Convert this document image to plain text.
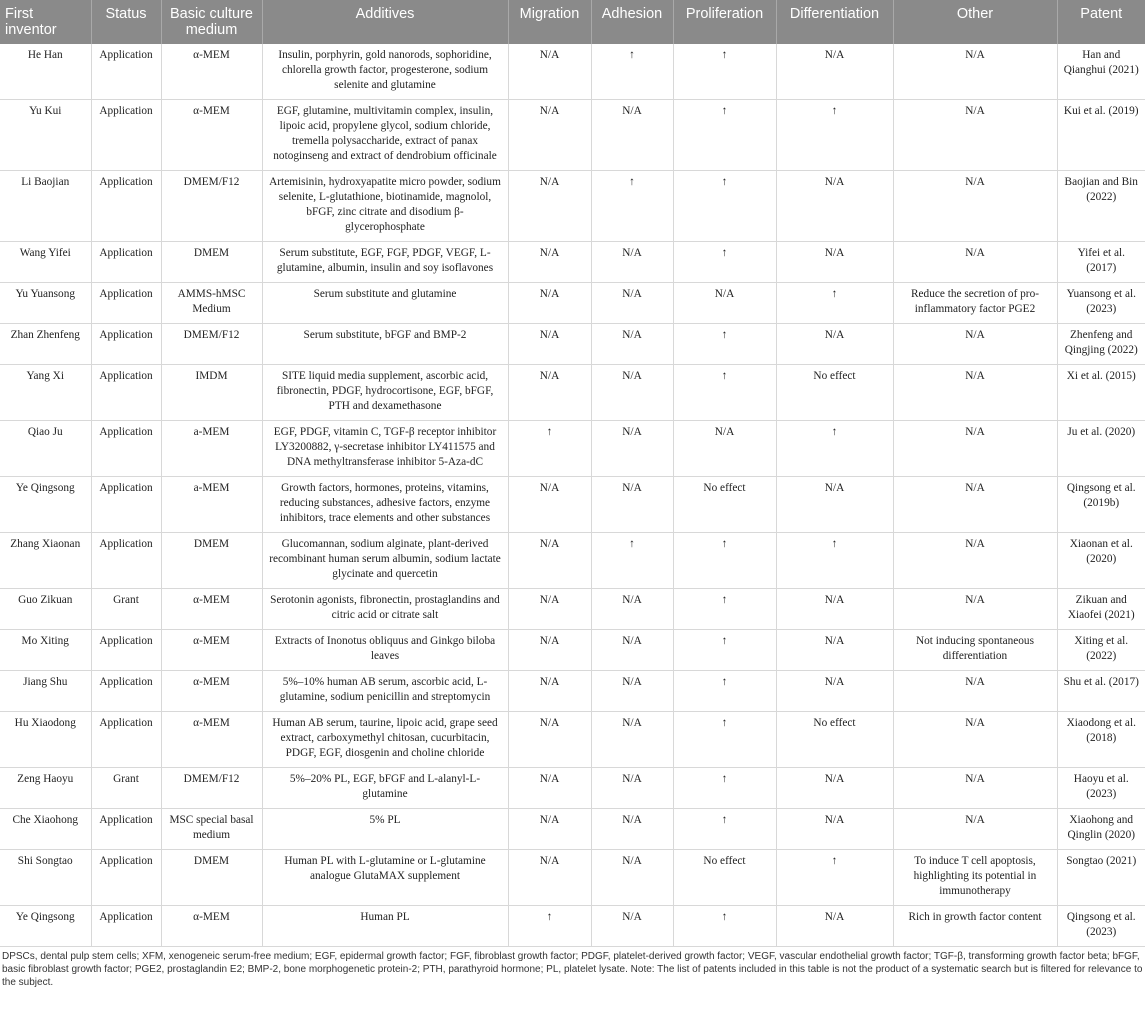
First inventor	Status	Basic culture medium	Additives	Migration	Adhesion	Proliferation	Differentiation	Other	Patent
He Han	Application	α-MEM	Insulin, porphyrin, gold nanorods, sophoridine, chlorella growth factor, progesterone, sodium selenite and glutamine	N/A	↑	↑	N/A	N/A	Han and Qianghui (2021)
Yu Kui	Application	α-MEM	EGF, glutamine, multivitamin complex, insulin, lipoic acid, propylene glycol, sodium chloride, tremella polysaccharide, extract of panax notoginseng and extract of dendrobium officinale	N/A	N/A	↑	↑	N/A	Kui et al. (2019)
Li Baojian	Application	DMEM/F12	Artemisinin, hydroxyapatite micro powder, sodium selenite, L-glutathione, biotinamide, magnolol, bFGF, zinc citrate and disodium β-glycerophosphate	N/A	↑	↑	N/A	N/A	Baojian and Bin (2022)
Wang Yifei	Application	DMEM	Serum substitute, EGF, FGF, PDGF, VEGF, L-glutamine, albumin, insulin and soy isoflavones	N/A	N/A	↑	N/A	N/A	Yifei et al. (2017)
Yu Yuansong	Application	AMMS-hMSC Medium	Serum substitute and glutamine	N/A	N/A	N/A	↑	Reduce the secretion of pro-inflammatory factor PGE2	Yuansong et al. (2023)
Zhan Zhenfeng	Application	DMEM/F12	Serum substitute, bFGF and BMP-2	N/A	N/A	↑	N/A	N/A	Zhenfeng and Qingjing (2022)
Yang Xi	Application	IMDM	SITE liquid media supplement, ascorbic acid, fibronectin, PDGF, hydrocortisone, EGF, bFGF, PTH and dexamethasone	N/A	N/A	↑	No effect	N/A	Xi et al. (2015)
Qiao Ju	Application	a-MEM	EGF, PDGF, vitamin C, TGF-β receptor inhibitor LY3200882, γ-secretase inhibitor LY411575 and DNA methyltransferase inhibitor 5-Aza-dC	↑	N/A	N/A	↑	N/A	Ju et al. (2020)
Ye Qingsong	Application	a-MEM	Growth factors, hormones, proteins, vitamins, reducing substances, adhesive factors, enzyme inhibitors, trace elements and other substances	N/A	N/A	No effect	N/A	N/A	Qingsong et al. (2019b)
Zhang Xiaonan	Application	DMEM	Glucomannan, sodium alginate, plant-derived recombinant human serum albumin, sodium lactate glycinate and quercetin	N/A	↑	↑	↑	N/A	Xiaonan et al. (2020)
Guo Zikuan	Grant	α-MEM	Serotonin agonists, fibronectin, prostaglandins and citric acid or citrate salt	N/A	N/A	↑	N/A	N/A	Zikuan and Xiaofei (2021)
Mo Xiting	Application	α-MEM	Extracts of Inonotus obliquus and Ginkgo biloba leaves	N/A	N/A	↑	N/A	Not inducing spontaneous differentiation	Xiting et al. (2022)
Jiang Shu	Application	α-MEM	5%–10% human AB serum, ascorbic acid, L-glutamine, sodium penicillin and streptomycin	N/A	N/A	↑	N/A	N/A	Shu et al. (2017)
Hu Xiaodong	Application	α-MEM	Human AB serum, taurine, lipoic acid, grape seed extract, carboxymethyl chitosan, cucurbitacin, PDGF, EGF, diosgenin and choline chloride	N/A	N/A	↑	No effect	N/A	Xiaodong et al. (2018)
Zeng Haoyu	Grant	DMEM/F12	5%–20% PL, EGF, bFGF and L-alanyl-L-glutamine	N/A	N/A	↑	N/A	N/A	Haoyu et al. (2023)
Che Xiaohong	Application	MSC special basal medium	5% PL	N/A	N/A	↑	N/A	N/A	Xiaohong and Qinglin (2020)
Shi Songtao	Application	DMEM	Human PL with L-glutamine or L-glutamine analogue GlutaMAX supplement	N/A	N/A	No effect	↑	To induce T cell apoptosis, highlighting its potential in immunotherapy	Songtao (2021)
Ye Qingsong	Application	α-MEM	Human PL	↑	N/A	↑	N/A	Rich in growth factor content	Qingsong et al. (2023)

DPSCs, dental pulp stem cells; XFM, xenogeneic serum-free medium; EGF, epidermal growth factor; FGF, fibroblast growth factor; PDGF, platelet-derived growth factor; VEGF, vascular endothelial growth factor; TGF-β, transforming growth factor beta; bFGF, basic fibroblast growth factor; PGE2, prostaglandin E2; BMP-2, bone morphogenetic protein-2; PTH, parathyroid hormone; PL, platelet lysate. Note: The list of patents included in this table is not the product of a systematic search but is filtered for relevance to the subject.
